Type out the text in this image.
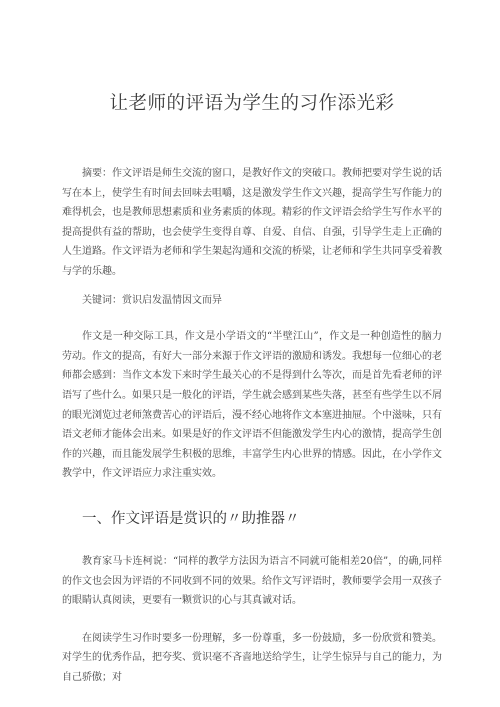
让老师的评语为学生的习作添光彩

摘要：作文评语是师生交流的窗口，是教好作文的突破口。教师把要对学生说的话写在本上，使学生有时间去回味去咀嚼，这是激发学生作文兴趣，提高学生写作能力的难得机会，也是教师思想素质和业务素质的体现。精彩的作文评语会给学生写作水平的提高提供有益的帮助，也会使学生变得自尊、自爱、自信、自强，引导学生走上正确的人生道路。作文评语为老师和学生架起沟通和交流的桥梁，让老师和学生共同享受着教与学的乐趣。

关键词：赏识启发温情因文而异

作文是一种交际工具，作文是小学语文的“半壁江山”，作文是一种创造性的脑力劳动。作文的提高，有好大一部分来源于作文评语的激励和诱发。我想每一位细心的老师都会感到：当作文本发下来时学生最关心的不是得到什么等次，而是首先看老师的评语写了些什么。如果只是一般化的评语，学生就会感到某些失落，甚至有些学生以不屑的眼光浏览过老师煞费苦心的评语后，漫不经心地将作文本塞进抽屉。个中滋味，只有语文老师才能体会出来。如果是好的作文评语不但能激发学生内心的激情，提高学生创作的兴趣，而且能发展学生积极的思维，丰富学生内心世界的情感。因此，在小学作文教学中，作文评语应力求注重实效。

一、作文评语是赏识的〃助推器〃

教育家马卡连柯说：“同样的教学方法因为语言不同就可能相差20倍”，的确,同样的作文也会因为评语的不同收到不同的效果。给作文写评语时，教师要学会用一双孩子的眼睛认真阅读，更要有一颗赏识的心与其真诚对话。

在阅读学生习作时要多一份理解，多一份尊重，多一份鼓励，多一份欣赏和赞美。对学生的优秀作品，把夸奖、赏识毫不吝啬地送给学生，让学生惊异与自己的能力，为自己骄傲；对
